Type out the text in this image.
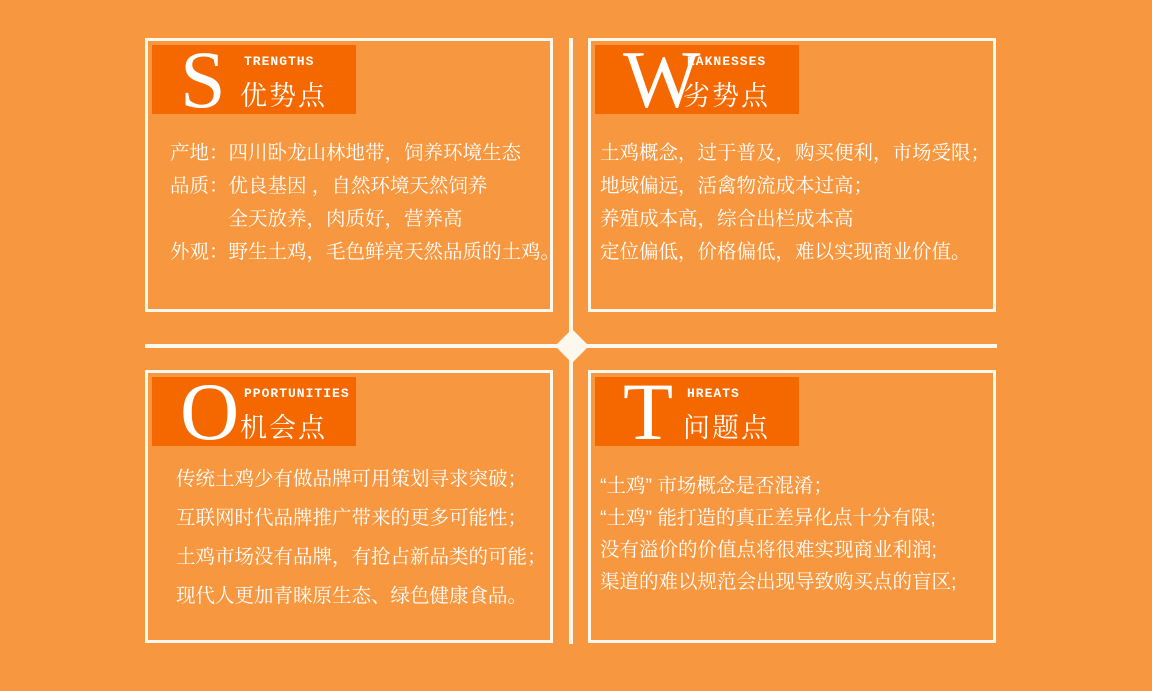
S TRENGTHS
优势点
产地：四川卧龙山林地带，饲养环境生态
品质：优良基因 ，自然环境天然饲养
　　　全天放养，肉质好，营养高
外观：野生土鸡，毛色鲜亮天然品质的土鸡。
W
EAKNESSES
劣势点
土鸡概念，过于普及，购买便利，市场受限；
地域偏远，活禽物流成本过高；
养殖成本高，综合出栏成本高
定位偏低，价格偏低，难以实现商业价值。
O PPORTUNITIES
机会点
传统土鸡少有做品牌可用策划寻求突破；
互联网时代品牌推广带来的更多可能性；
土鸡市场没有品牌，有抢占新品类的可能；
现代人更加青睐原生态、绿色健康食品。
T HREATS
问题点
“土鸡” 市场概念是否混淆；
“土鸡” 能打造的真正差异化点十分有限;
没有溢价的价值点将很难实现商业利润;
渠道的难以规范会出现导致购买点的盲区;
